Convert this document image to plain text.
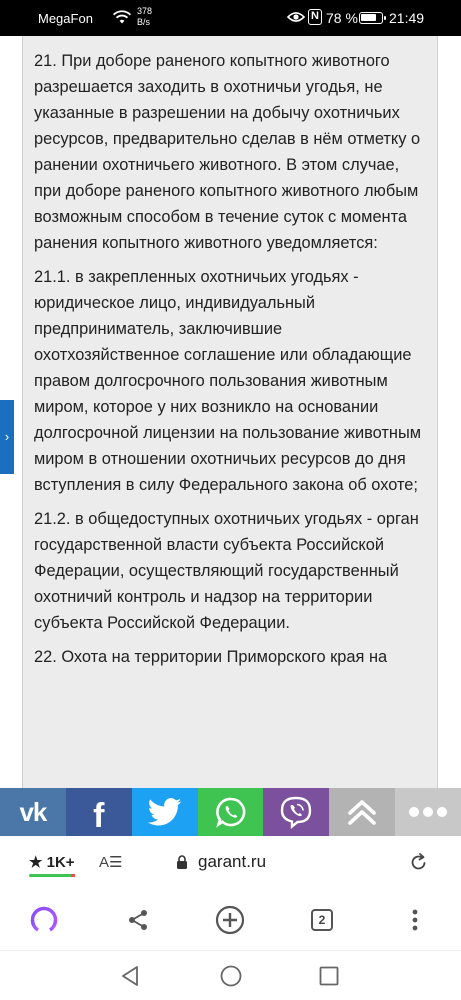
MegaFon	378
B/s	N 78 % 21:49

21. При доборе раненого копытного животного разрешается заходить в охотничьи угодья, не указанные в разрешении на добычу охотничьих ресурсов, предварительно сделав в нём отметку о ранении охотничьего животного. В этом случае, при доборе раненого копытного животного любым возможным способом в течение суток с момента ранения копытного животного уведомляется:

21.1. в закрепленных охотничьих угодьях - юридическое лицо, индивидуальный предприниматель, заключившие охотхозяйственное соглашение или обладающие правом долгосрочного пользования животным миром, которое у них возникло на основании долгосрочной лицензии на пользование животным миром в отношении охотничьих ресурсов до дня вступления в силу Федерального закона об охоте;

21.2. в общедоступных охотничьих угодьях - орган государственной власти субъекта Российской Федерации, осуществляющий государственный охотничий контроль и надзор на территории субъекта Российской Федерации.

22. Охота на территории Приморского края на

›
vk f
★ 1K+ A☰	garant.ru
2
